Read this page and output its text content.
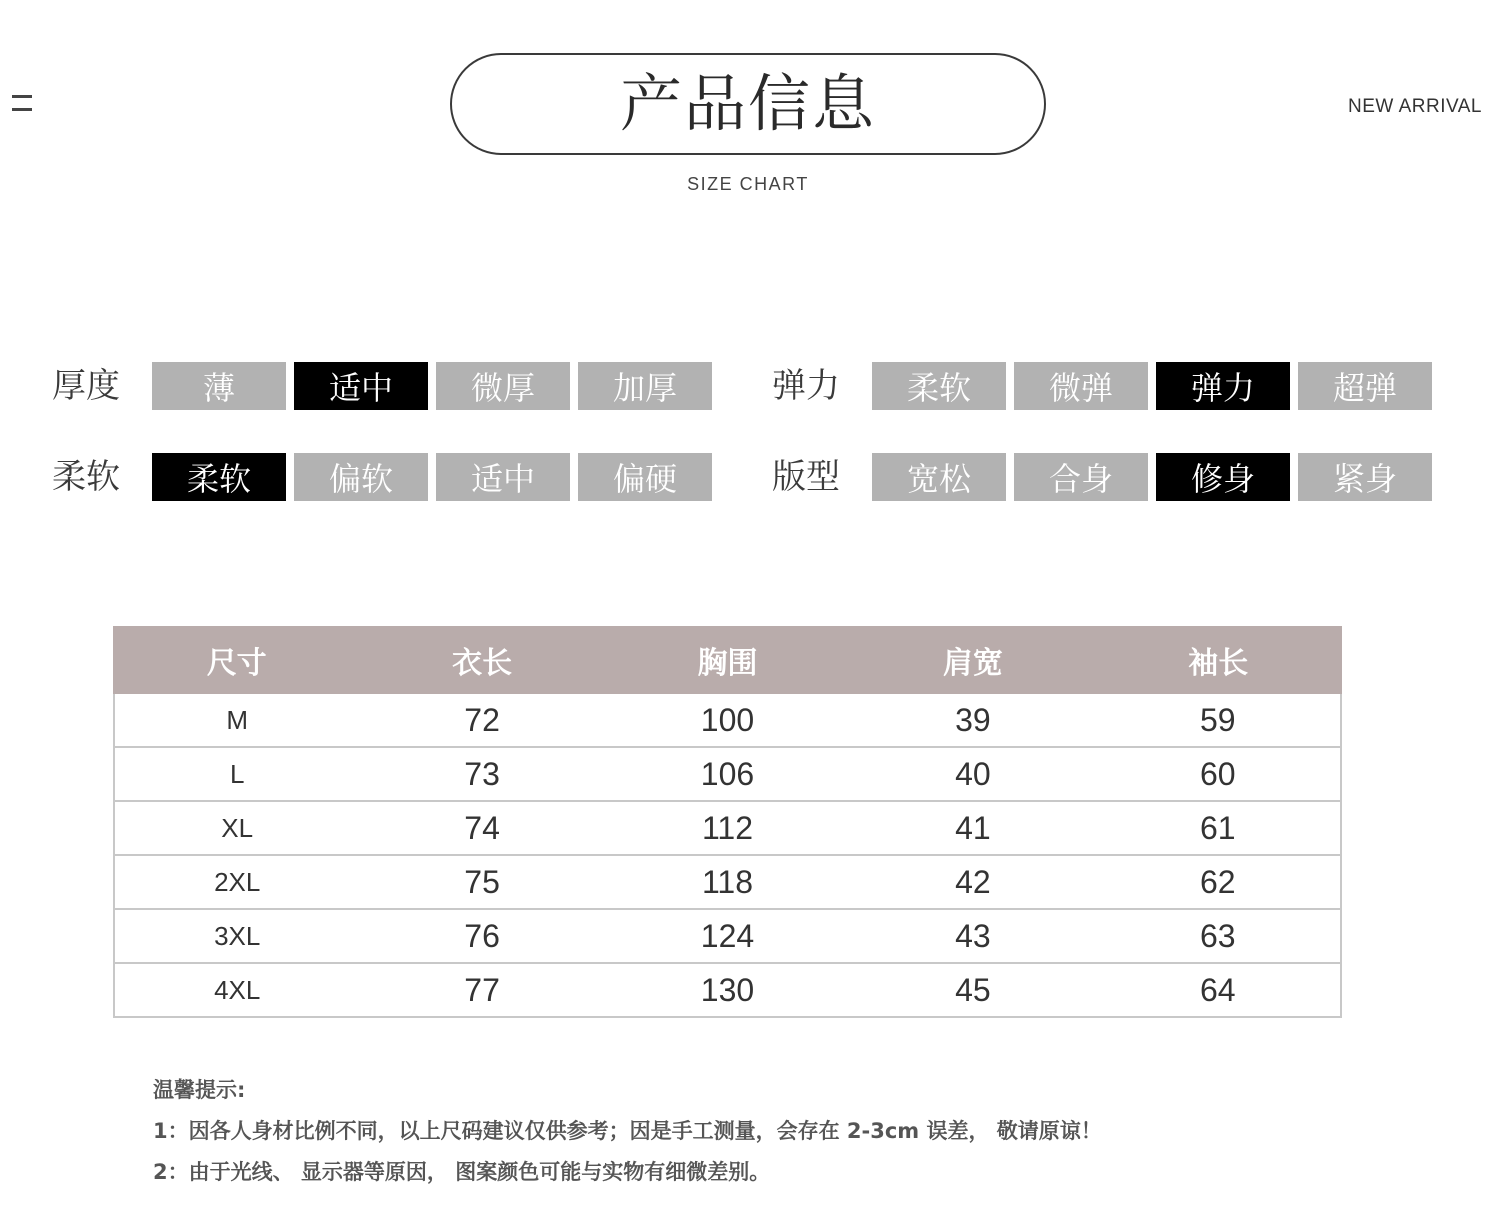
产品信息
SIZE CHART
NEW ARRIVAL
厚度	薄	适中	微厚	加厚	弹力	柔软	微弹	弹力	超弹
柔软	柔软	偏软	适中	偏硬	版型	宽松	合身	修身	紧身
尺寸	衣长	胸围	肩宽	袖长
M	72	100	39	59
L	73	106	40	60
XL	74	112	41	61
2XL	75	118	42	62
3XL	76	124	43	63
4XL	77	130	45	64
温馨提示:
1：因各人身材比例不同，以上尺码建议仅供参考；因是手工测量，会存在 2-3cm 误差， 敬请原谅！
2：由于光线、 显示器等原因， 图案颜色可能与实物有细微差别。
